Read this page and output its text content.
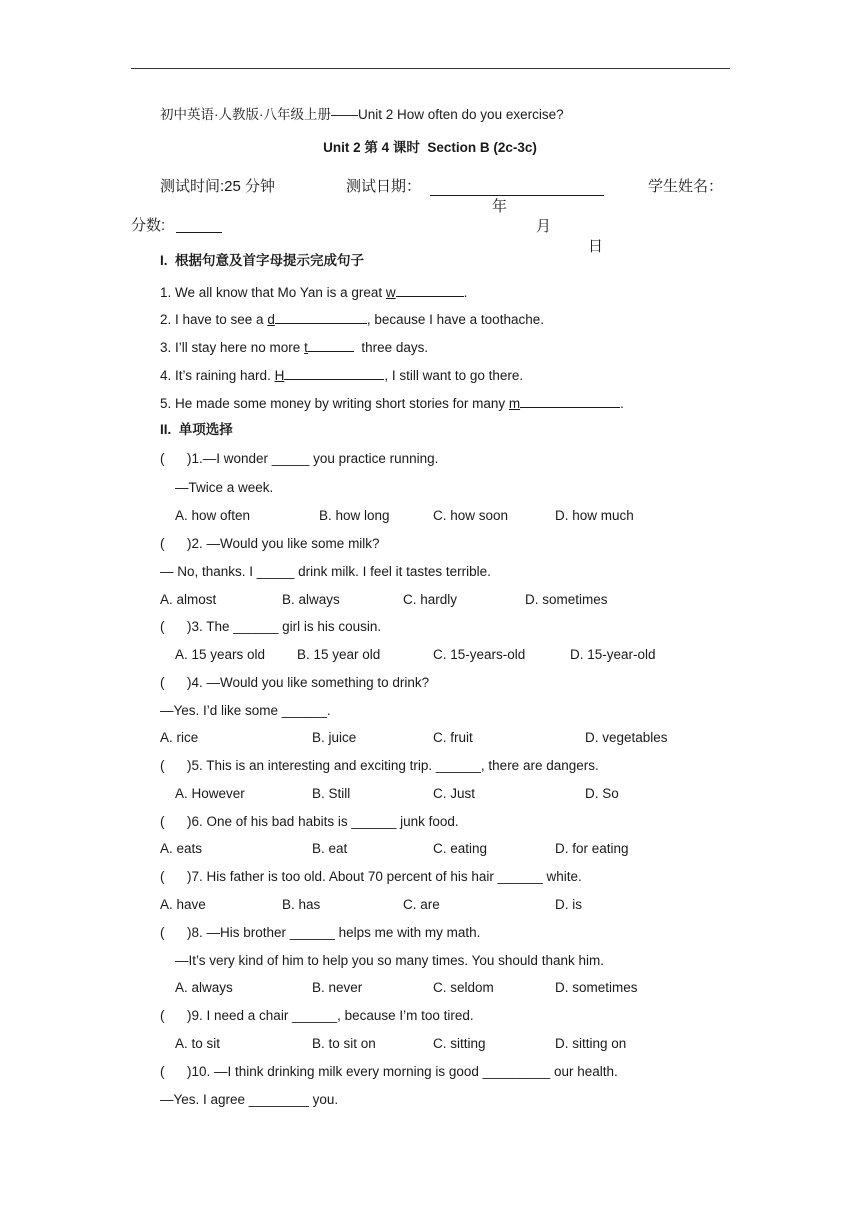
初中英语·人教版·八年级上册——Unit 2 How often do you exercise?
Unit 2 第 4 课时  Section B (2c-3c)
测试时间:25 分钟	测试日期：

年

月

日

学生姓名：
分数:
I.  根据句意及首字母提示完成句子
1. We all know that Mo Yan is a great w	.
2. I have to see a d	, because I have a toothache.
3. I’ll stay here no more t	three days.
4. It’s raining hard. H	, I still want to go there.
5. He made some money by writing short stories for many m	.
II.  单项选择
(      )1.—I wonder _____ you practice running.
—Twice a week.
A. how often	B. how long	C. how soon	D. how much
(      )2. —Would you like some milk?
— No, thanks. I _____ drink milk. I feel it tastes terrible.
A. almost	B. always	C. hardly	D. sometimes
(      )3. The ______ girl is his cousin.
A. 15 years old B. 15 year old	C. 15-years-old	D. 15-year-old
(      )4. —Would you like something to drink?
—Yes. I’d like some ______.
A. rice	B. juice	C. fruit	D. vegetables
(      )5. This is an interesting and exciting trip. ______, there are dangers.
A. However	B. Still	C. Just	D. So
(      )6. One of his bad habits is ______ junk food.
A. eats	B. eat	C. eating	D. for eating
(      )7. His father is too old. About 70 percent of his hair ______ white.
A. have	B. has	C. are	D. is
(      )8. —His brother ______ helps me with my math.
—It’s very kind of him to help you so many times. You should thank him.
A. always	B. never	C. seldom	D. sometimes
(      )9. I need a chair ______, because I’m too tired.
A. to sit	B. to sit on	C. sitting	D. sitting on
(      )10. —I think drinking milk every morning is good _________ our health.
—Yes. I agree ________ you.
